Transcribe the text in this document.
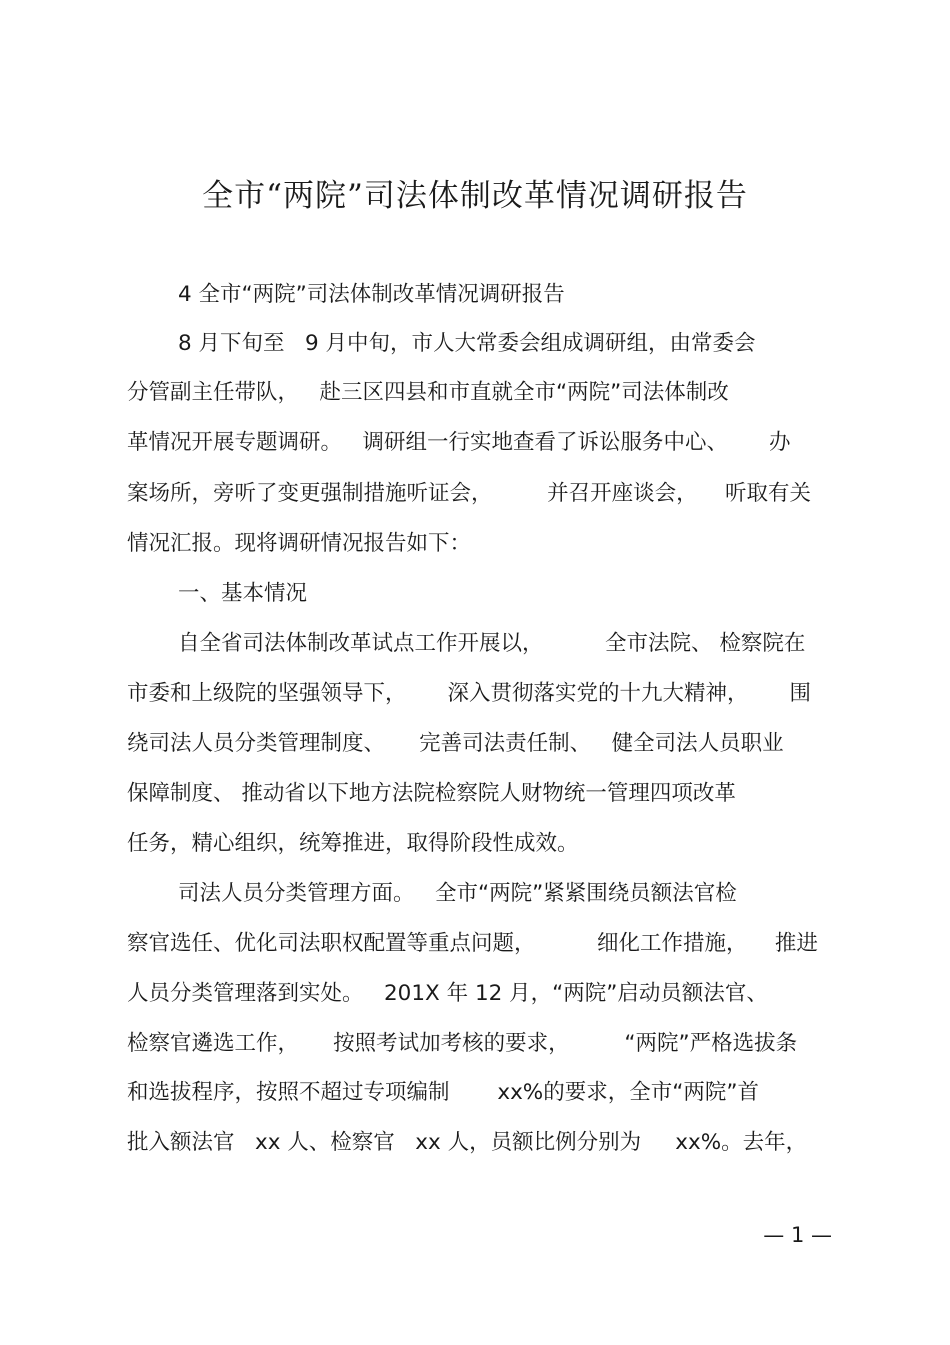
全市“两院”司法体制改革情况调研报告
4 全市“两院”司法体制改革情况调研报告
8 月下旬至   9 月中旬，市人大常委会组成调研组，由常委会
分管副主任带队，   赴三区四县和市直就全市“两院”司法体制改
革情况开展专题调研。   调研组一行实地查看了诉讼服务中心、      办
案场所，旁听了变更强制措施听证会，        并召开座谈会，    听取有关
情况汇报。现将调研情况报告如下：
一、基本情况
自全省司法体制改革试点工作开展以，         全市法院、 检察院在
市委和上级院的坚强领导下，      深入贯彻落实党的十九大精神，      围
绕司法人员分类管理制度、     完善司法责任制、   健全司法人员职业
保障制度、 推动省以下地方法院检察院人财物统一管理四项改革
任务，精心组织，统筹推进，取得阶段性成效。
司法人员分类管理方面。   全市“两院”紧紧围绕员额法官检
察官选任、优化司法职权配置等重点问题，         细化工作措施，    推进
人员分类管理落到实处。   201X 年 12 月，“两院”启动员额法官、
检察官遴选工作，     按照考试加考核的要求，        “两院”严格选拔条
和选拔程序，按照不超过专项编制       xx%的要求，全市“两院”首
批入额法官   xx 人、检察官   xx 人，员额比例分别为     xx%。去年，
— 1 —
